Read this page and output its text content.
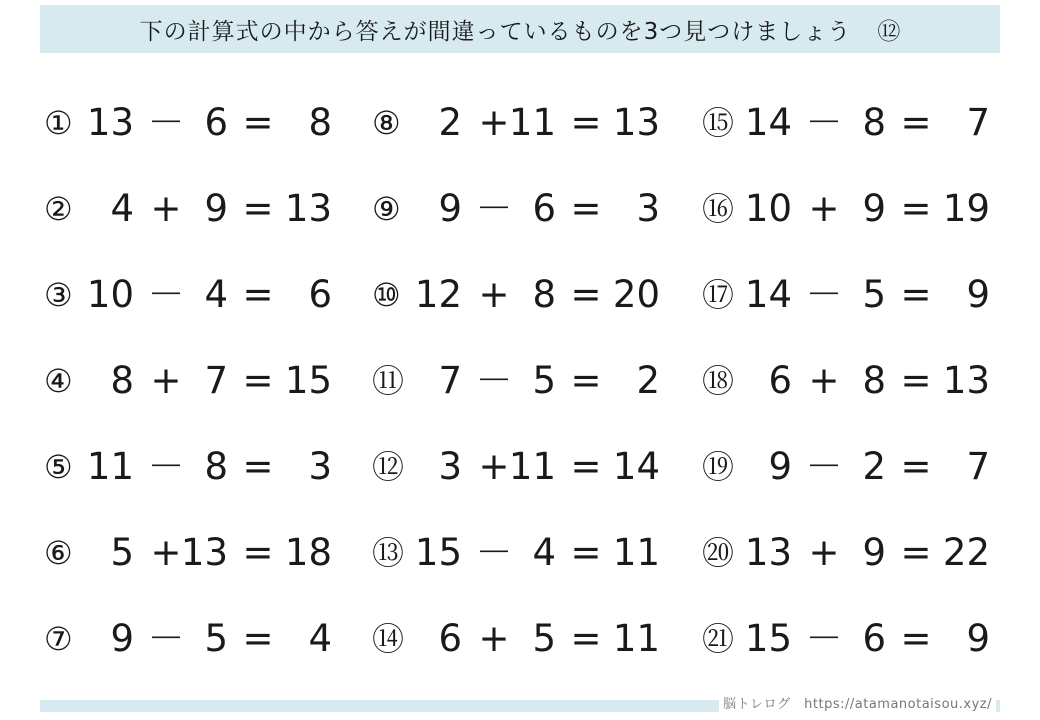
下の計算式の中から答えが間違っているものを3つ見つけましょう ⑫
① 13 － 6 = 8 ⑧ 2 + 11 = 13 ⑮ 14 － 8 = 7
② 4 + 9 = 13 ⑨ 9 － 6 = 3 ⑯ 10 + 9 = 19
③ 10 － 4 = 6 ⑩ 12 + 8 = 20 ⑰ 14 － 5 = 9
④ 8 + 7 = 15 ⑪ 7 － 5 = 2 ⑱ 6 + 8 = 13
⑤ 11 － 8 = 3 ⑫ 3 + 11 = 14 ⑲ 9 － 2 = 7
⑥ 5 + 13 = 18 ⑬ 15 － 4 = 11 ⑳ 13 + 9 = 22
⑦ 9 － 5 = 4 ⑭ 6 + 5 = 11 ㉑ 15 － 6 = 9
脳トレログ　https://atamanotaisou.xyz/
